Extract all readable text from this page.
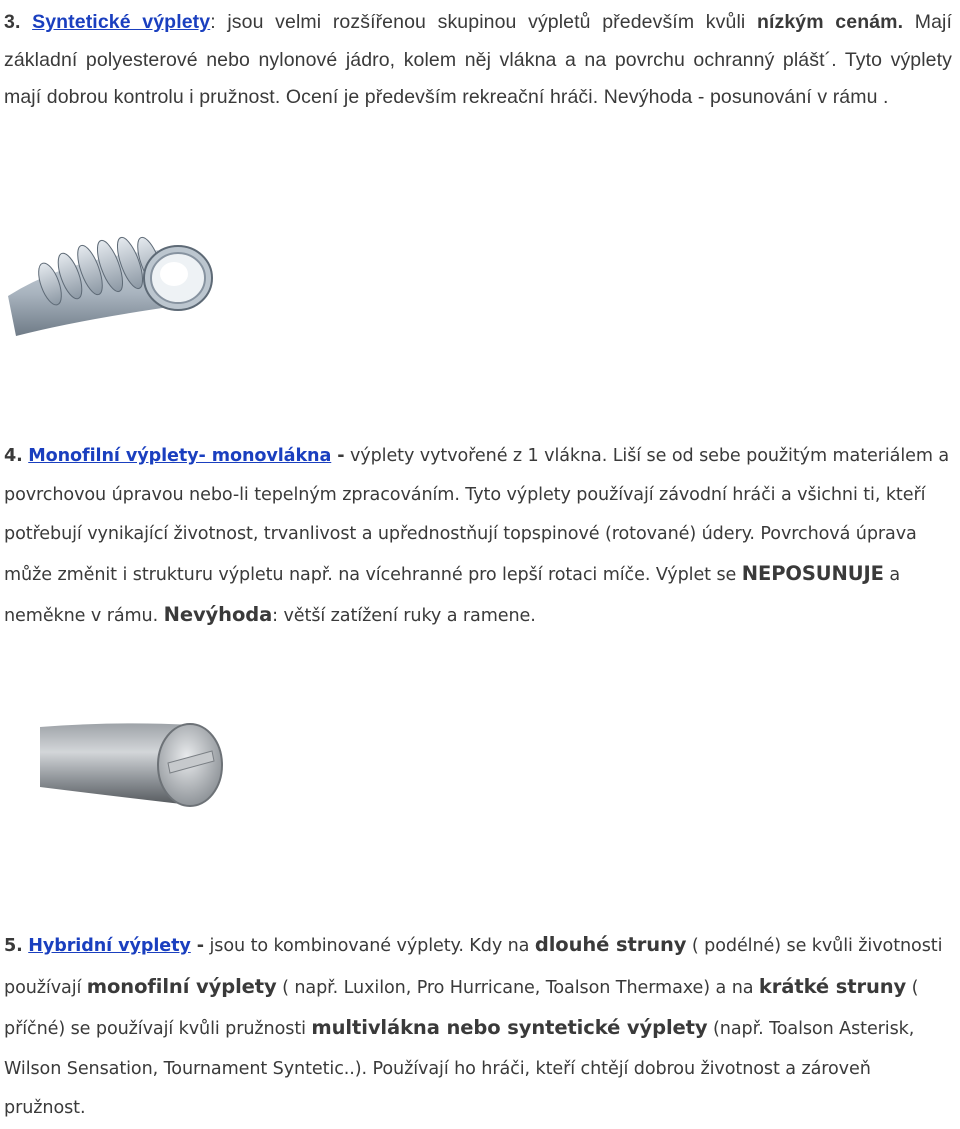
3. Syntetické výplety: jsou velmi rozšířenou skupinou výpletů především kvůli nízkým cenám. Mají základní polyesterové nebo nylonové jádro, kolem něj vlákna a na povrchu ochranný plášt´. Tyto výplety mají dobrou kontrolu i pružnost. Ocení je především rekreační hráči. Nevýhoda - posunování v rámu .

4. Monofilní výplety- monovlákna - výplety vytvořené z 1 vlákna. Liší se od sebe použitým materiálem a povrchovou úpravou nebo-li tepelným zpracováním. Tyto výplety používají závodní hráči a všichni ti, kteří potřebují vynikající životnost, trvanlivost a upřednostňují topspinové (rotované) údery. Povrchová úprava může změnit i strukturu výpletu např. na vícehranné pro lepší rotaci míče. Výplet se NEPOSUNUJE a neměkne v rámu. Nevýhoda: větší zatížení ruky a ramene.

5. Hybridní výplety - jsou to kombinované výplety. Kdy na dlouhé struny ( podélné) se kvůli životnosti používají monofilní výplety ( např. Luxilon, Pro Hurricane, Toalson Thermaxe) a na krátké struny ( příčné) se používají kvůli pružnosti multivlákna nebo syntetické výplety (např. Toalson Asterisk, Wilson Sensation, Tournament Syntetic..). Používají ho hráči, kteří chtějí dobrou životnost a zároveň pružnost.
